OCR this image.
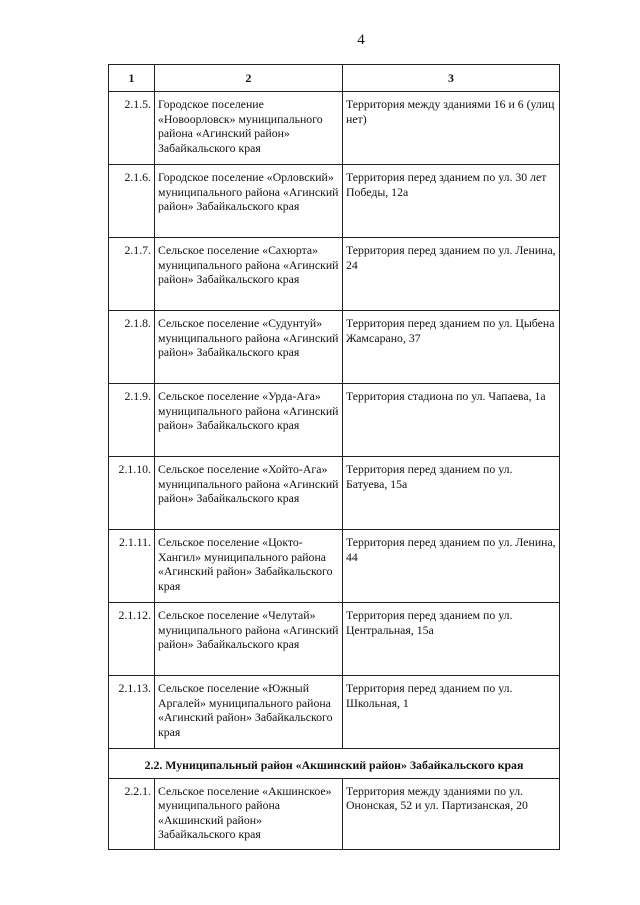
4
1	2	3
2.1.5.	Городское поселение «Новоорловск» муниципального района «Агинский район» Забайкальского края	Территория между зданиями 16 и 6 (улиц нет)
2.1.6.	Городское поселение «Орловский» муниципального района «Агинский район» Забайкальского края	Территория перед зданием по ул. 30 лет Победы, 12а
2.1.7.	Сельское поселение «Сахюрта» муниципального района «Агинский район» Забайкальского края	Территория перед зданием по ул. Ленина, 24
2.1.8.	Сельское поселение «Судунтуй» муниципального района «Агинский район» Забайкальского края	Территория перед зданием по ул. Цыбена Жамсарано, 37
2.1.9.	Сельское поселение «Урда-Ага» муниципального района «Агинский район» Забайкальского края	Территория стадиона по ул. Чапаева, 1а
2.1.10.	Сельское поселение «Хойто-Ага» муниципального района «Агинский район» Забайкальского края	Территория перед зданием по ул. Батуева, 15а
2.1.11.	Сельское поселение «Цокто-Хангил» муниципального района «Агинский район» Забайкальского края	Территория перед зданием по ул. Ленина, 44
2.1.12.	Сельское поселение «Челутай» муниципального района «Агинский район» Забайкальского края	Территория перед зданием по ул. Центральная, 15а
2.1.13.	Сельское поселение «Южный Аргалей» муниципального района «Агинский район» Забайкальского края	Территория перед зданием по ул. Школьная, 1
2.2. Муниципальный район «Акшинский район» Забайкальского края		
2.2.1.	Сельское поселение «Акшинское» муниципального района «Акшинский район» Забайкальского края	Территория между зданиями по ул. Ононская, 52 и ул. Партизанская, 20
